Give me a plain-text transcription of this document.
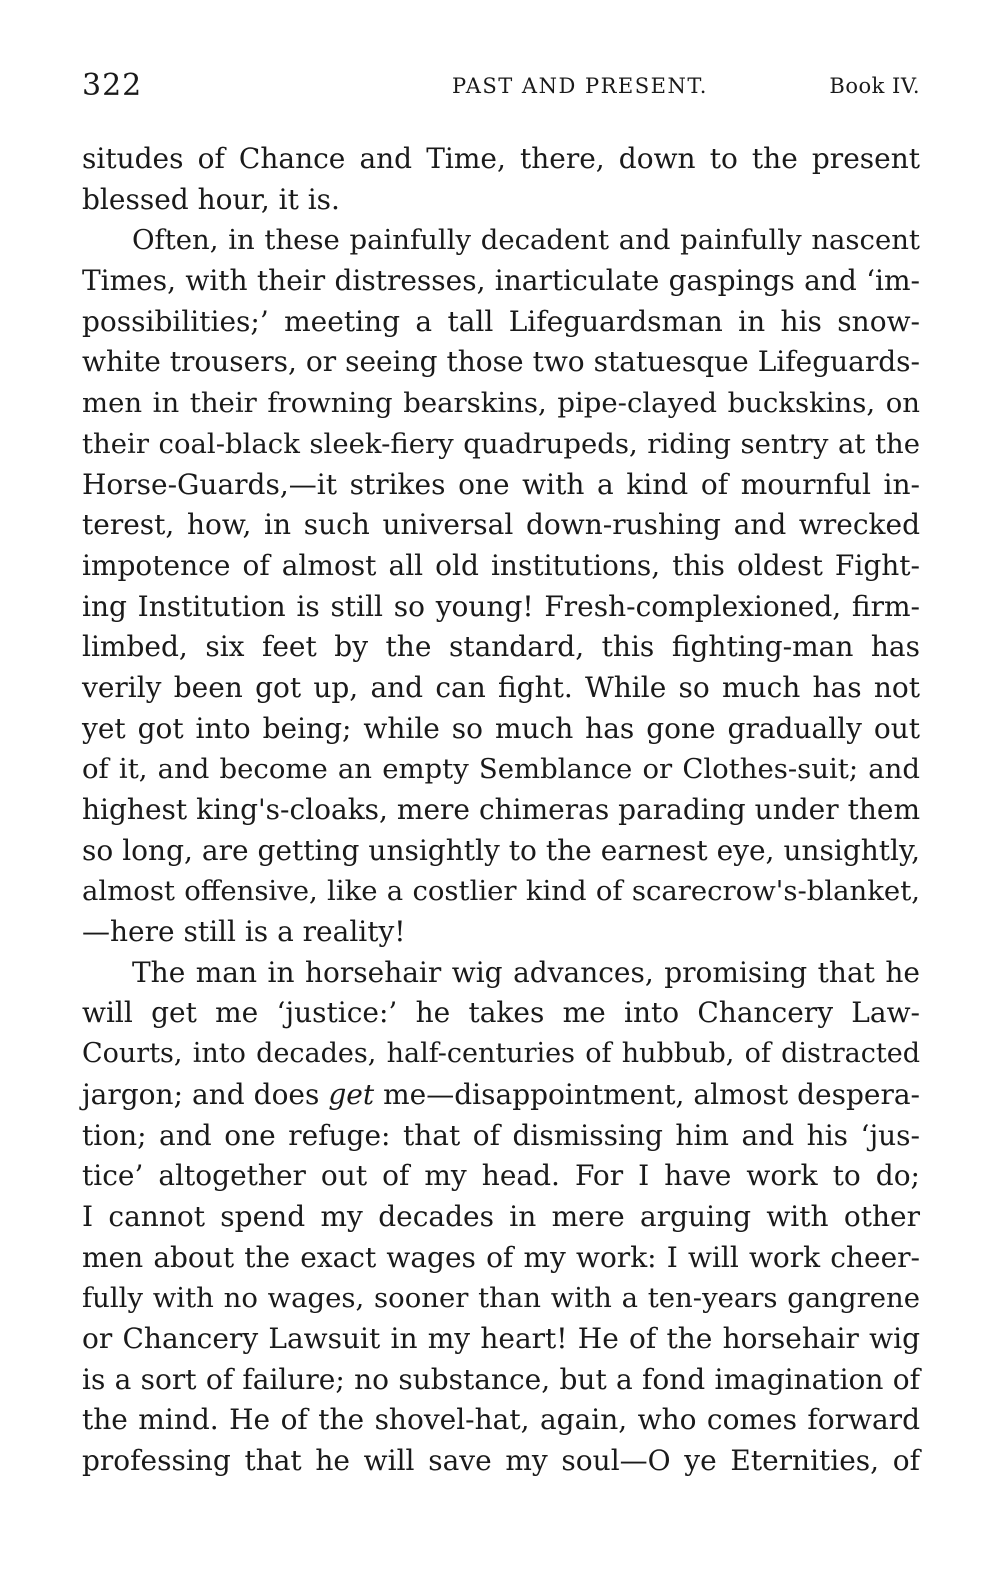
322	PAST AND PRESENT.	Book IV.
situdes of Chance and Time, there, down to the present
blessed hour, it is.
Often, in these painfully decadent and painfully nascent
Times, with their distresses, inarticulate gaspings and ‘im-
possibilities;’ meeting a tall Lifeguardsman in his snow-
white trousers, or seeing those two statuesque Lifeguards-
men in their frowning bearskins, pipe-clayed buckskins, on
their coal-black sleek-fiery quadrupeds, riding sentry at the
Horse-Guards,—it strikes one with a kind of mournful in-
terest, how, in such universal down-rushing and wrecked
impotence of almost all old institutions, this oldest Fight-
ing Institution is still so young! Fresh-complexioned, firm-
limbed, six feet by the standard, this fighting-man has
verily been got up, and can fight. While so much has not
yet got into being; while so much has gone gradually out
of it, and become an empty Semblance or Clothes-suit; and
highest king's-cloaks, mere chimeras parading under them
so long, are getting unsightly to the earnest eye, unsightly,
almost offensive, like a costlier kind of scarecrow's-blanket,
—here still is a reality!
The man in horsehair wig advances, promising that he
will get me ‘justice:’ he takes me into Chancery Law-
Courts, into decades, half-centuries of hubbub, of distracted
jargon; and does get me—disappointment, almost despera-
tion; and one refuge: that of dismissing him and his ‘jus-
tice’ altogether out of my head. For I have work to do;
I cannot spend my decades in mere arguing with other
men about the exact wages of my work: I will work cheer-
fully with no wages, sooner than with a ten-years gangrene
or Chancery Lawsuit in my heart! He of the horsehair wig
is a sort of failure; no substance, but a fond imagination of
the mind. He of the shovel-hat, again, who comes forward
professing that he will save my soul—O ye Eternities, of
